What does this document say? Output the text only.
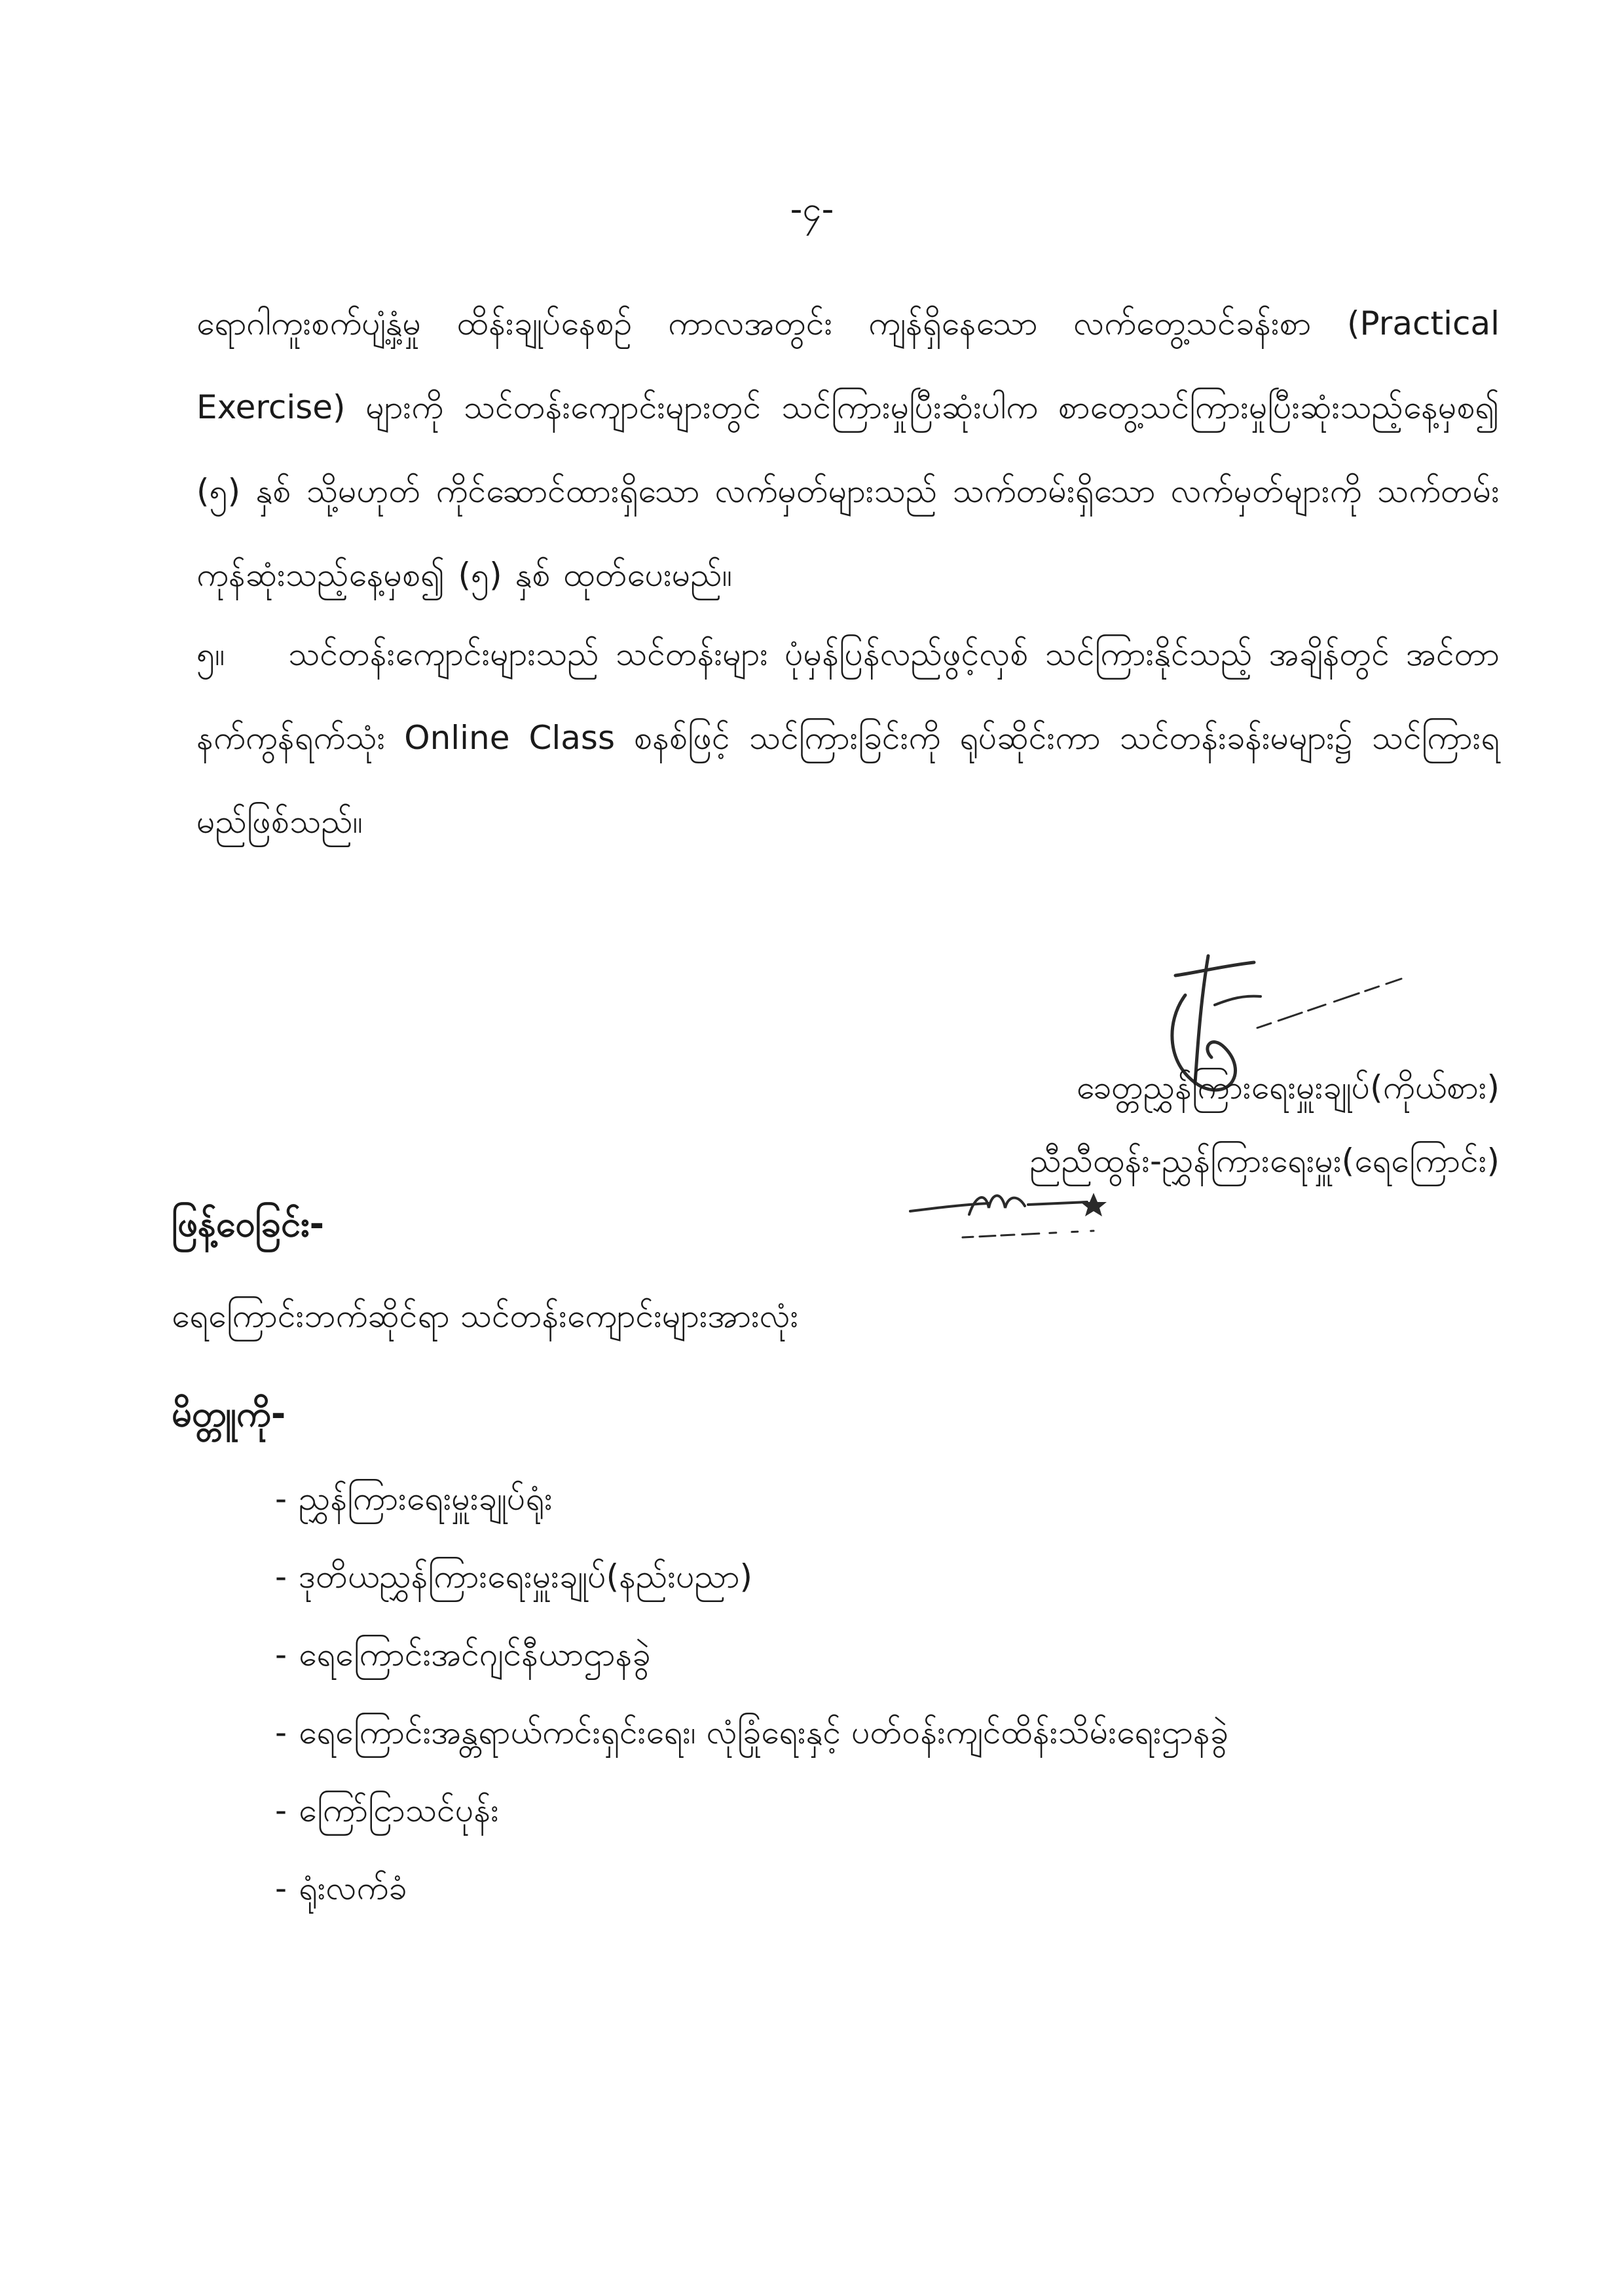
-၄-
ရောဂါကူးစက်ပျံ့နှံ့မှု ထိန်းချုပ်နေစဉ် ကာလအတွင်း ကျန်ရှိနေသော လက်တွေ့သင်ခန်းစာ (Practical Exercise) များကို သင်တန်းကျောင်းများတွင် သင်ကြားမှုပြီးဆုံးပါက စာတွေ့သင်ကြားမှုပြီးဆုံးသည့်နေ့မှစ၍ (၅) နှစ် သို့မဟုတ် ကိုင်ဆောင်ထားရှိသော လက်မှတ်များသည် သက်တမ်းရှိသော လက်မှတ်များကို သက်တမ်းကုန်ဆုံးသည့်နေ့မှစ၍ (၅) နှစ် ထုတ်ပေးမည်။
၅။ သင်တန်းကျောင်းများသည် သင်တန်းများ ပုံမှန်ပြန်လည်ဖွင့်လှစ် သင်ကြားနိုင်သည့် အချိန်တွင် အင်တာနက်ကွန်ရက်သုံး Online Class စနစ်ဖြင့် သင်ကြားခြင်းကို ရုပ်ဆိုင်းကာ သင်တန်းခန်းမများ၌ သင်ကြားရမည်ဖြစ်သည်။
ခေတ္တညွှန်ကြားရေးမှူးချုပ်(ကိုယ်စား)
ညီညီထွန်း-ညွှန်ကြားရေးမှူး(ရေကြောင်း)
ဖြန့်ဝေခြင်း-
ရေကြောင်းဘက်ဆိုင်ရာ သင်တန်းကျောင်းများအားလုံး
မိတ္တူကို-
- ညွှန်ကြားရေးမှူးချုပ်ရုံး
- ဒုတိယညွှန်ကြားရေးမှူးချုပ်(နည်းပညာ)
- ရေကြောင်းအင်ဂျင်နီယာဌာနခွဲ
- ရေကြောင်းအန္တရာယ်ကင်းရှင်းရေး၊ လုံခြုံရေးနှင့် ပတ်ဝန်းကျင်ထိန်းသိမ်းရေးဌာနခွဲ
- ကြော်ငြာသင်ပုန်း
- ရုံးလက်ခံ
